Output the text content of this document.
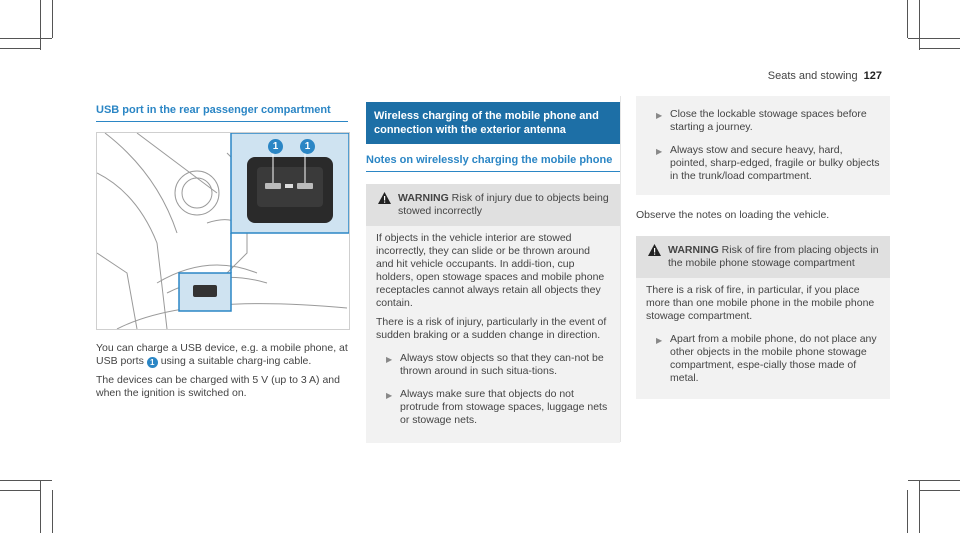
Seats and stowing 127
USB port in the rear passenger compartment
1	1

You can charge a USB device, e.g. a mobile phone, at USB ports 1 using a suitable charg-ing cable.

The devices can be charged with 5 V (up to 3 A) and when the ignition is switched on.

Wireless charging of the mobile phone and connection with the exterior antenna
Notes on wirelessly charging the mobile phone
WARNING Risk of injury due to objects being stowed incorrectly

If objects in the vehicle interior are stowed incorrectly, they can slide or be thrown around and hit vehicle occupants. In addi-tion, cup holders, open stowage spaces and mobile phone receptacles cannot always retain all objects they contain.

There is a risk of injury, particularly in the event of sudden braking or a sudden change in direction.

▶ Always stow objects so that they can-not be thrown around in such situa-tions.
▶ Always make sure that objects do not protrude from stowage spaces, luggage nets or stowage nets.
▶ Close the lockable stowage spaces before starting a journey.
▶ Always stow and secure heavy, hard, pointed, sharp-edged, fragile or bulky objects in the trunk/load compartment.

Observe the notes on loading the vehicle.

WARNING Risk of fire from placing objects in the mobile phone stowage compartment

There is a risk of fire, in particular, if you place more than one mobile phone in the mobile phone stowage compartment.

▶ Apart from a mobile phone, do not place any other objects in the mobile phone stowage compartment, espe-cially those made of metal.
